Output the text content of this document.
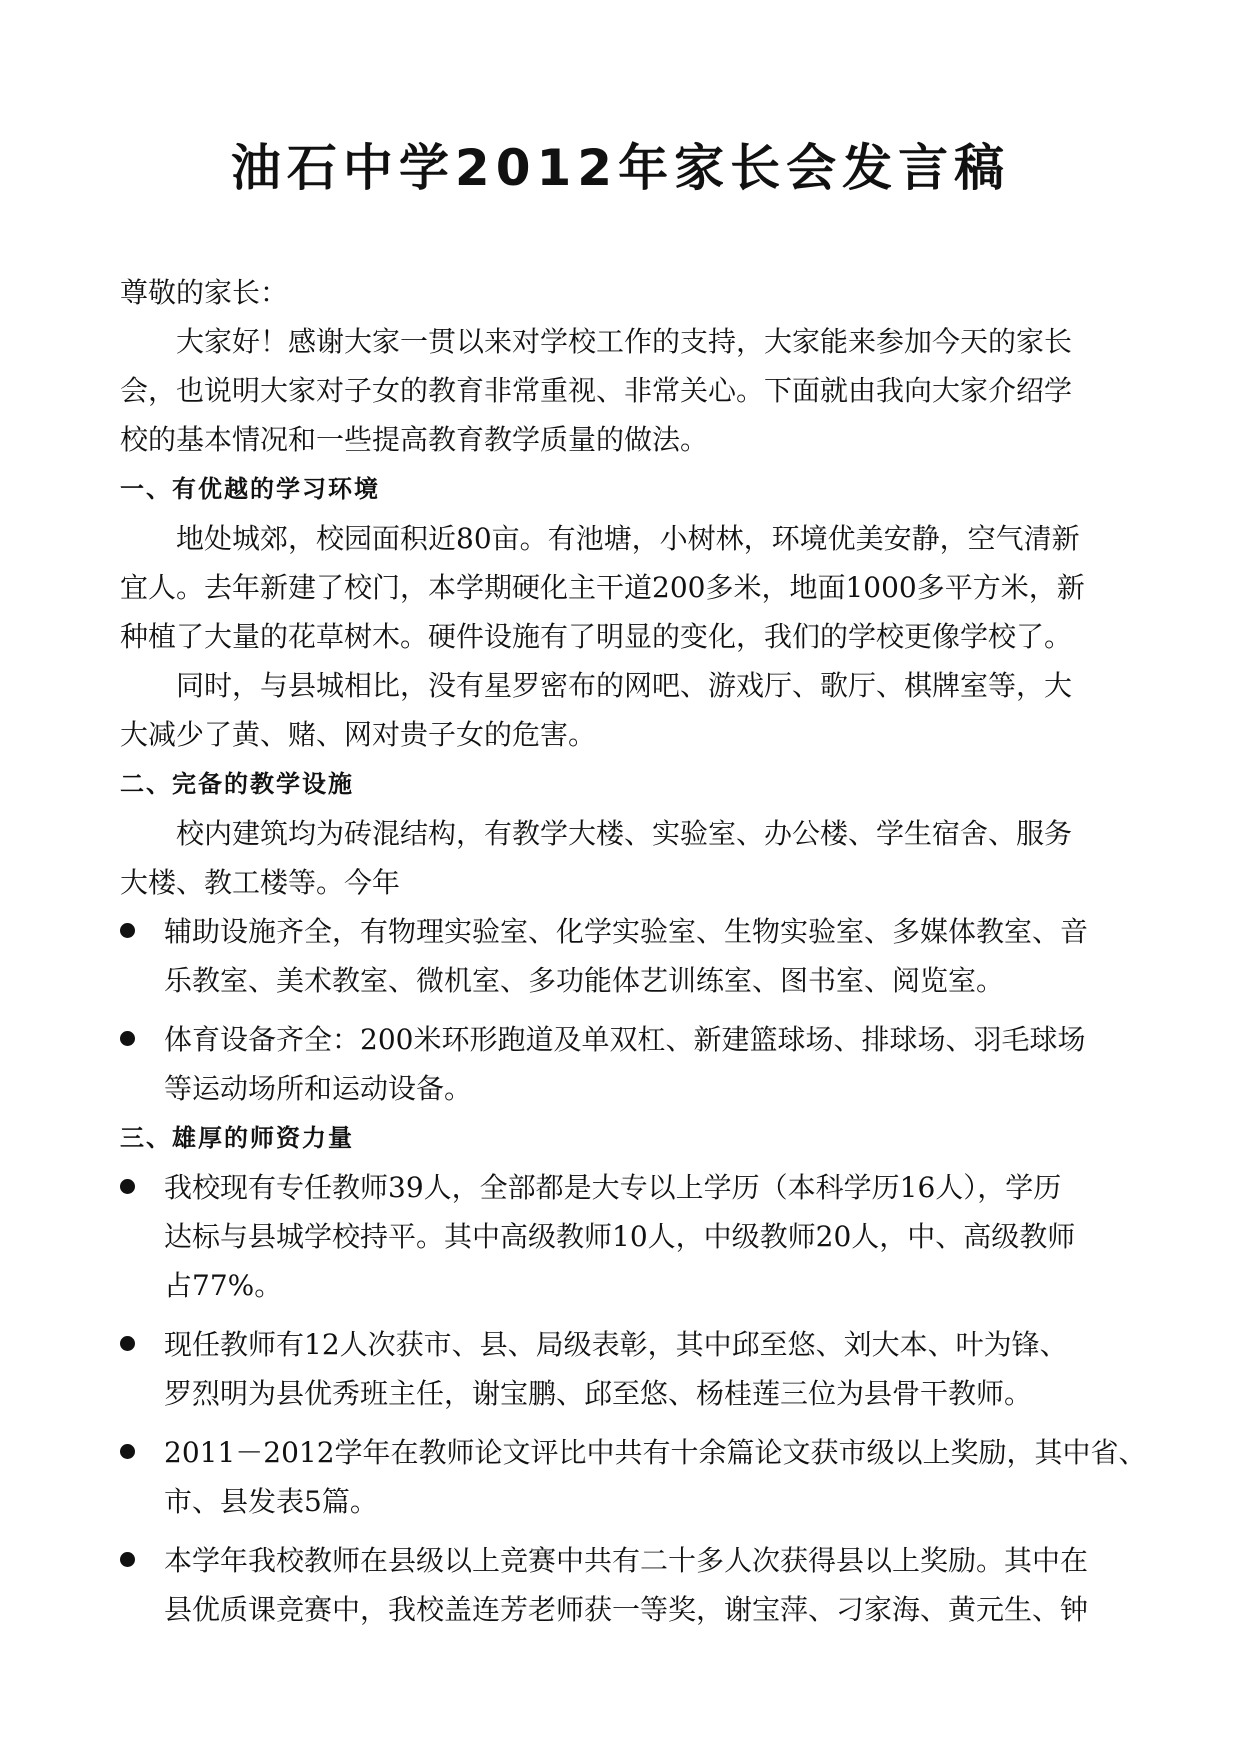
油石中学2012年家长会发言稿
尊敬的家长：
大家好！感谢大家一贯以来对学校工作的支持，大家能来参加今天的家长
会，也说明大家对子女的教育非常重视、非常关心。下面就由我向大家介绍学
校的基本情况和一些提高教育教学质量的做法。
一、有优越的学习环境
地处城郊，校园面积近80亩。有池塘，小树林，环境优美安静，空气清新
宜人。去年新建了校门，本学期硬化主干道200多米，地面1000多平方米，新
种植了大量的花草树木。硬件设施有了明显的变化，我们的学校更像学校了。
同时，与县城相比，没有星罗密布的网吧、游戏厅、歌厅、棋牌室等，大
大减少了黄、赌、网对贵子女的危害。
二、完备的教学设施
校内建筑均为砖混结构，有教学大楼、实验室、办公楼、学生宿舍、服务
大楼、教工楼等。今年
辅助设施齐全，有物理实验室、化学实验室、生物实验室、多媒体教室、音
乐教室、美术教室、微机室、多功能体艺训练室、图书室、阅览室。
体育设备齐全：200米环形跑道及单双杠、新建篮球场、排球场、羽毛球场
等运动场所和运动设备。
三、雄厚的师资力量
我校现有专任教师39人，全部都是大专以上学历（本科学历16人），学历
达标与县城学校持平。其中高级教师10人，中级教师20人，中、高级教师
占77%。
现任教师有12人次获市、县、局级表彰，其中邱至悠、刘大本、叶为锋、
罗烈明为县优秀班主任，谢宝鹏、邱至悠、杨桂莲三位为县骨干教师。
2011－2012学年在教师论文评比中共有十余篇论文获市级以上奖励，其中省、
市、县发表5篇。
本学年我校教师在县级以上竞赛中共有二十多人次获得县以上奖励。其中在
县优质课竞赛中，我校盖连芳老师获一等奖，谢宝萍、刁家海、黄元生、钟
